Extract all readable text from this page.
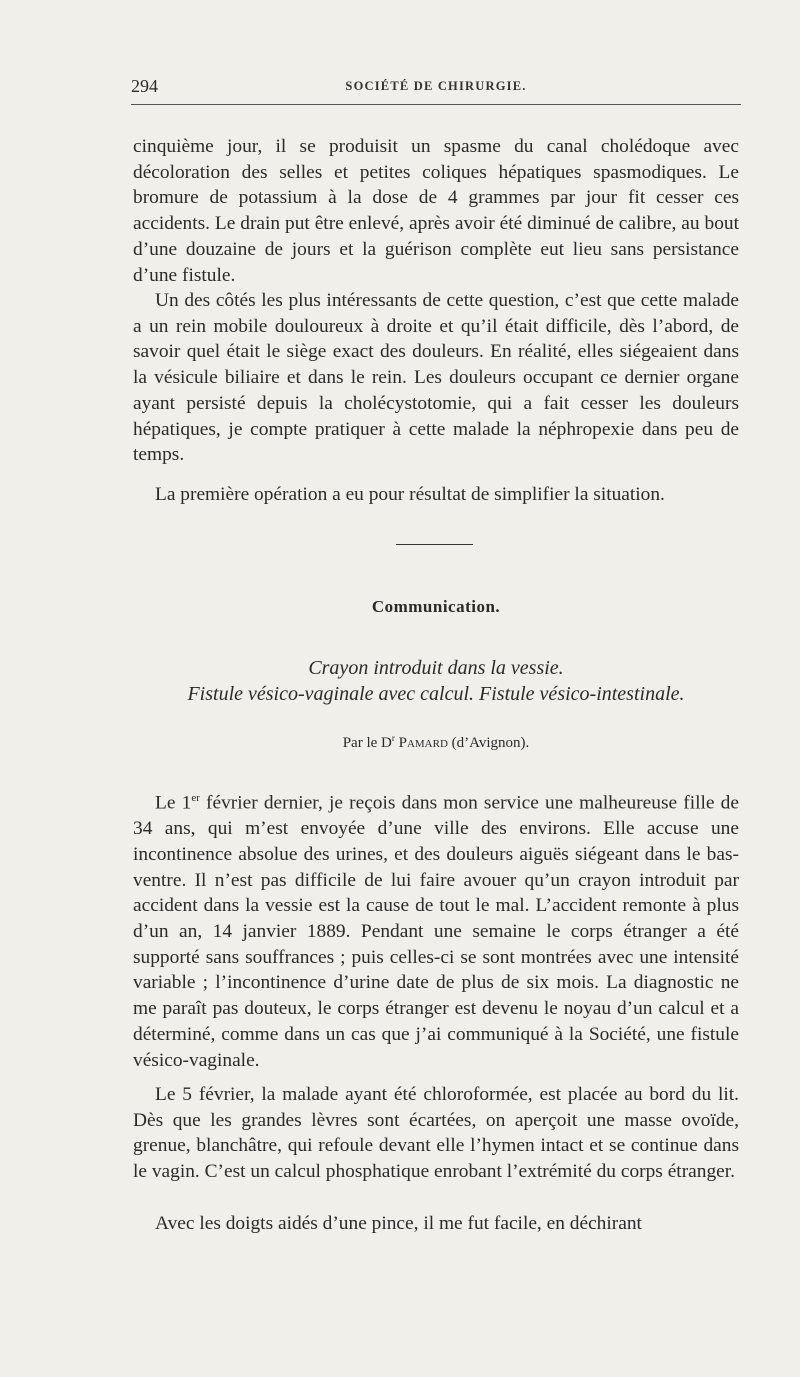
294	SOCIÉTÉ DE CHIRURGIE.

cinquième jour, il se produisit un spasme du canal cholédoque avec décoloration des selles et petites coliques hépatiques spasmodiques. Le bromure de potassium à la dose de 4 grammes par jour fit cesser ces accidents. Le drain put être enlevé, après avoir été diminué de calibre, au bout d’une douzaine de jours et la guérison complète eut lieu sans persistance d’une fistule.

Un des côtés les plus intéressants de cette question, c’est que cette malade a un rein mobile douloureux à droite et qu’il était difficile, dès l’abord, de savoir quel était le siège exact des douleurs. En réalité, elles siégeaient dans la vésicule biliaire et dans le rein. Les douleurs occupant ce dernier organe ayant persisté depuis la cholécystotomie, qui a fait cesser les douleurs hépatiques, je compte pratiquer à cette malade la néphropexie dans peu de temps.

La première opération a eu pour résultat de simplifier la situation.

Communication.
Crayon introduit dans la vessie.
Fistule vésico-vaginale avec calcul. Fistule vésico-intestinale.
Par le $D^r$ Pamard (d’Avignon).

Le 1er février dernier, je reçois dans mon service une malheureuse fille de 34 ans, qui m’est envoyée d’une ville des environs. Elle accuse une incontinence absolue des urines, et des douleurs aiguës siégeant dans le bas-ventre. Il n’est pas difficile de lui faire avouer qu’un crayon introduit par accident dans la vessie est la cause de tout le mal. L’accident remonte à plus d’un an, 14 janvier 1889. Pendant une semaine le corps étranger a été supporté sans souffrances ; puis celles-ci se sont montrées avec une intensité variable ; l’incontinence d’urine date de plus de six mois. La diagnostic ne me paraît pas douteux, le corps étranger est devenu le noyau d’un calcul et a déterminé, comme dans un cas que j’ai communiqué à la Société, une fistule vésico-vaginale.

Le 5 février, la malade ayant été chloroformée, est placée au bord du lit. Dès que les grandes lèvres sont écartées, on aperçoit une masse ovoïde, grenue, blanchâtre, qui refoule devant elle l’hymen intact et se continue dans le vagin. C’est un calcul phosphatique enrobant l’extrémité du corps étranger.

Avec les doigts aidés d’une pince, il me fut facile, en déchirant
